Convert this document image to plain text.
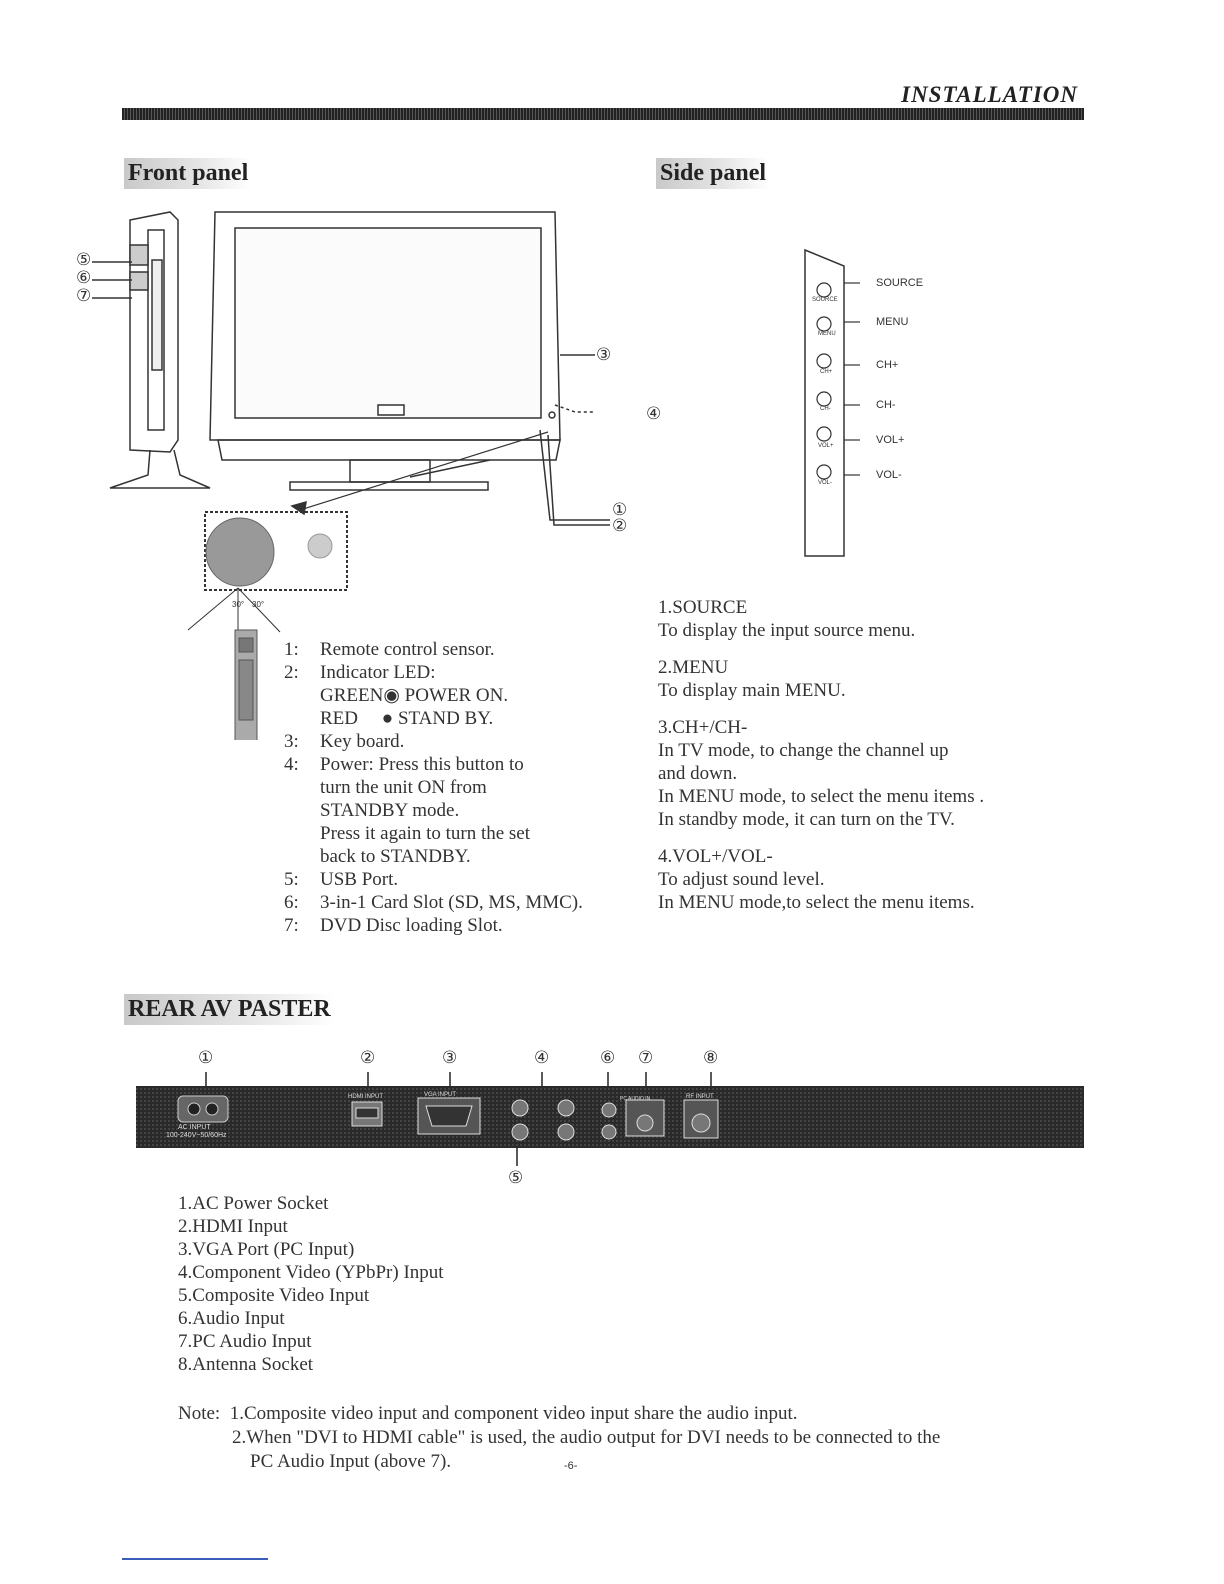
INSTALLATION
Front panel
⑤
⑥
⑦
③
④
①
②
30° 30°
1: Remote control sensor.
2: Indicator LED:
GREEN◉ POWER ON.
RED     ● STAND BY.
3: Key board.
4: Power: Press this button to
turn the unit ON from
STANDBY mode.
Press it again to turn the set
back to STANDBY.
5: USB Port.
6: 3-in-1 Card Slot (SD, MS, MMC).
7: DVD Disc loading Slot.
Side panel
SOURCE
MENU
CH+
CH-
VOL+
VOL-
SOURCE
MENU
CH+
CH-
VOL+
VOL-
1.SOURCE
To display the input source menu.
2.MENU
To display main MENU.
3.CH+/CH-
In TV mode, to change the channel up
and down.
In MENU mode, to select the menu items .
In standby mode, it can turn on the TV.
4.VOL+/VOL-
To adjust sound level.
In MENU mode,to select the menu items.
REAR AV PASTER
①	②	③	④	⑥ ⑦	⑧
⑤
AC INPUT
100-240V~50/60Hz
HDMI INPUT	VGA INPUT
PC AUDIO IN	RF INPUT
1.AC Power Socket
2.HDMI Input
3.VGA Port (PC Input)
4.Component Video (YPbPr) Input
5.Composite Video Input
6.Audio Input
7.PC Audio Input
8.Antenna Socket
Note:  1.Composite video input and component video input share the audio input.
2.When "DVI to HDMI cable" is used, the audio output for DVI needs to be connected to the
PC Audio Input (above 7).	-6-
